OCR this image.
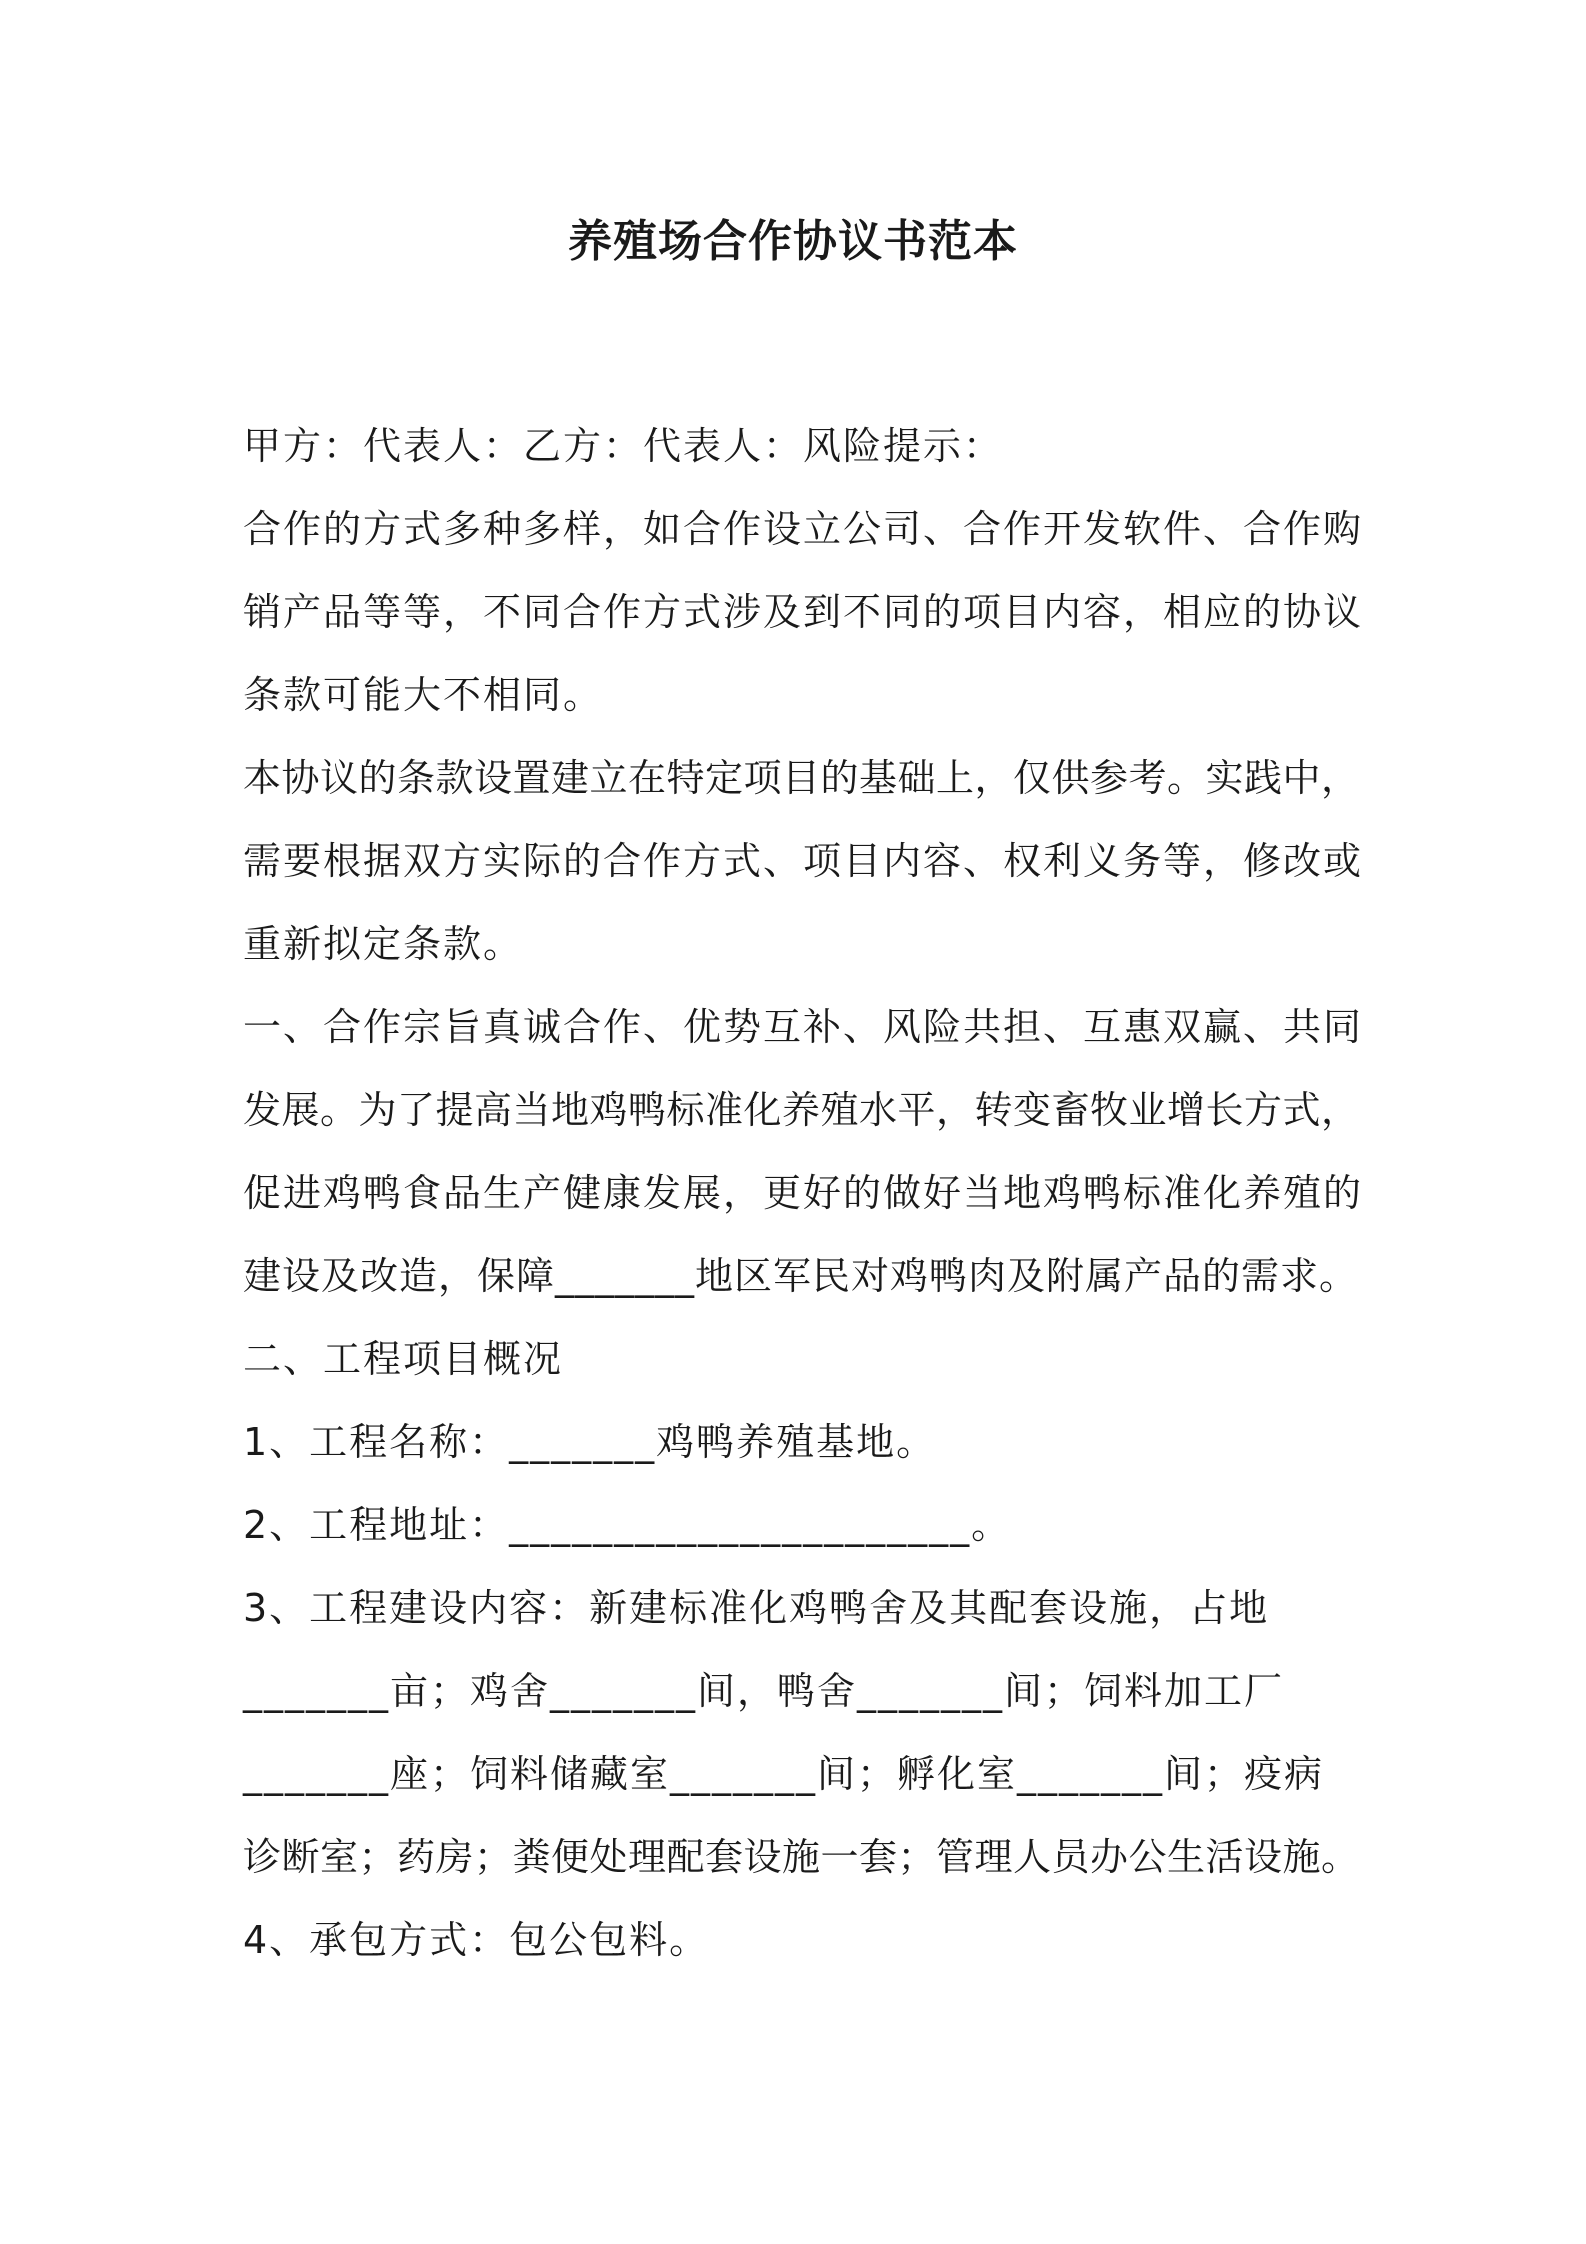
养殖场合作协议书范本
甲方：代表人：乙方：代表人：风险提示：
合作的方式多种多样，如合作设立公司、合作开发软件、合作购
销产品等等，不同合作方式涉及到不同的项目内容，相应的协议
条款可能大不相同。
本协议的条款设置建立在特定项目的基础上，仅供参考。实践中，
需要根据双方实际的合作方式、项目内容、权利义务等，修改或
重新拟定条款。
一、合作宗旨真诚合作、优势互补、风险共担、互惠双赢、共同
发展。为了提高当地鸡鸭标准化养殖水平，转变畜牧业增长方式，
促进鸡鸭食品生产健康发展，更好的做好当地鸡鸭标准化养殖的
建设及改造，保障_______地区军民对鸡鸭肉及附属产品的需求。
二、工程项目概况
1、工程名称：_______鸡鸭养殖基地。
2、工程地址：______________________。
3、工程建设内容：新建标准化鸡鸭舍及其配套设施，占地
_______亩；鸡舍_______间，鸭舍_______间；饲料加工厂
_______座；饲料储藏室_______间；孵化室_______间；疫病
诊断室；药房；粪便处理配套设施一套；管理人员办公生活设施。
4、承包方式：包公包料。
